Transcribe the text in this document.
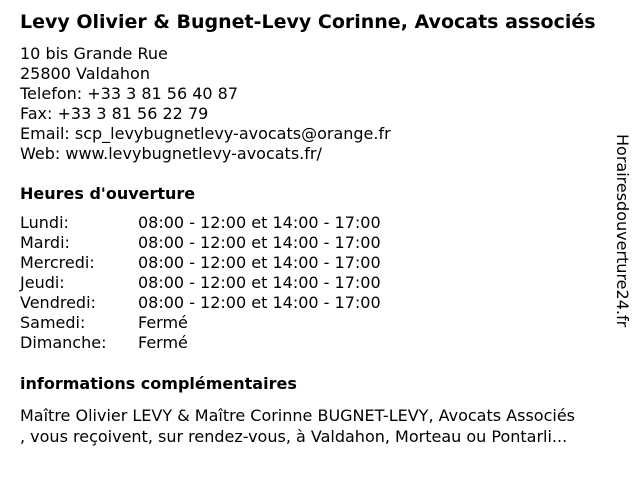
Levy Olivier & Bugnet-Levy Corinne, Avocats associés
10 bis Grande Rue
25800 Valdahon
Telefon: +33 3 81 56 40 87
Fax: +33 3 81 56 22 79
Email: scp_levybugnetlevy-avocats@orange.fr
Web: www.levybugnetlevy-avocats.fr/
Heures d'ouverture
Lundi:	08:00 - 12:00 et 14:00 - 17:00
Mardi:	08:00 - 12:00 et 14:00 - 17:00
Mercredi:	08:00 - 12:00 et 14:00 - 17:00
Jeudi:	08:00 - 12:00 et 14:00 - 17:00
Vendredi:	08:00 - 12:00 et 14:00 - 17:00
Samedi:	Fermé
Dimanche: Fermé
informations complémentaires
Maître Olivier LEVY & Maître Corinne BUGNET-LEVY, Avocats Associés
, vous reçoivent, sur rendez-vous, à Valdahon, Morteau ou Pontarli...
Horairesdouverture24.fr
